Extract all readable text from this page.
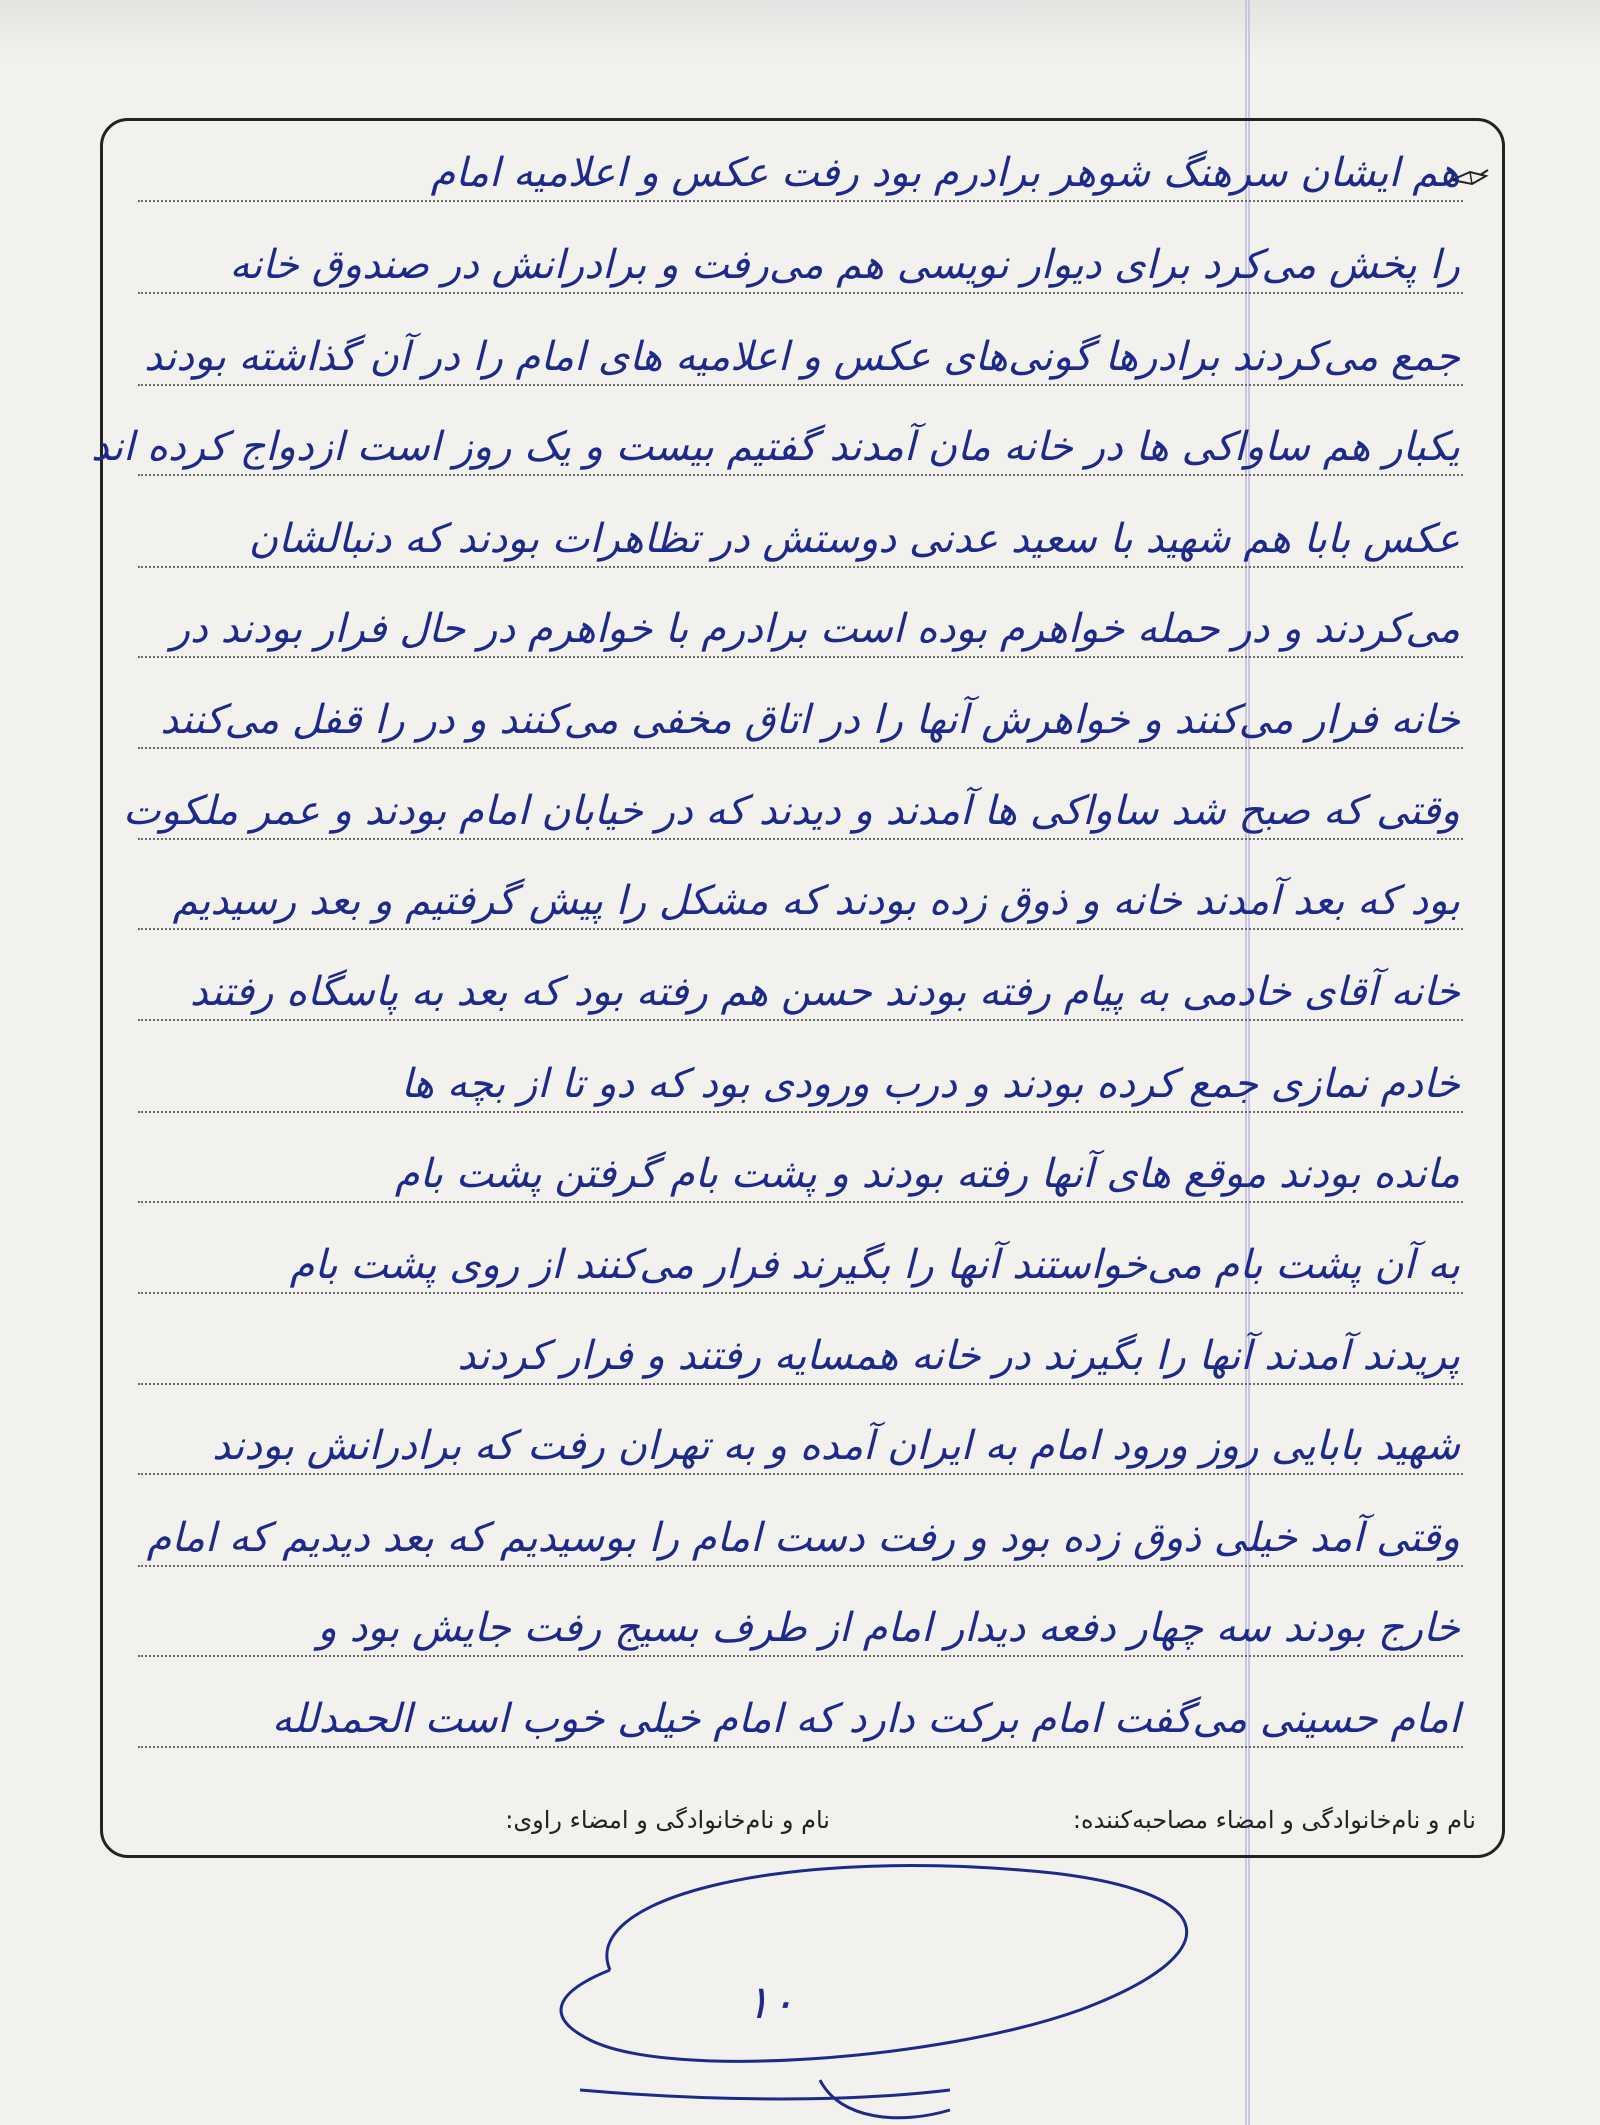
هم ایشان سرهنگ شوهر برادرم بود رفت عکس و اعلامیه امام
را پخش می‌کرد برای دیوار نویسی هم می‌رفت و برادرانش در صندوق خانه
جمع می‌کردند برادرها گونی‌های عکس و اعلامیه های امام را در آن گذاشته بودند
یکبار هم ساواکی ها در خانه مان آمدند گفتیم بیست و یک روز است ازدواج کرده اند
عکس بابا هم شهید با سعید عدنی دوستش در تظاهرات بودند که دنبالشان
می‌کردند و در حمله خواهرم بوده است برادرم با خواهرم در حال فرار بودند در
خانه فرار می‌کنند و خواهرش آنها را در اتاق مخفی می‌کنند و در را قفل می‌کنند
وقتی که صبح شد ساواکی ها آمدند و دیدند که در خیابان امام بودند و عمر ملکوت
بود که بعد آمدند خانه و ذوق زده بودند که مشکل را پیش گرفتیم و بعد رسیدیم
خانه آقای خادمی به پیام رفته بودند حسن هم رفته بود که بعد به پاسگاه رفتند
خادم نمازی جمع کرده بودند و درب ورودی بود که دو تا از بچه ها
مانده بودند موقع های آنها رفته بودند و پشت بام گرفتن پشت بام
به آن پشت بام می‌خواستند آنها را بگیرند فرار می‌کنند از روی پشت بام
پریدند آمدند آنها را بگیرند در خانه همسایه رفتند و فرار کردند
شهید بابایی روز ورود امام به ایران آمده و به تهران رفت که برادرانش بودند
وقتی آمد خیلی ذوق زده بود و رفت دست امام را بوسیدیم که بعد دیدیم که امام
خارج بودند سه چهار دفعه دیدار امام از طرف بسیج رفت جایش بود و
امام حسینی می‌گفت امام برکت دارد که امام خیلی خوب است الحمدلله
نام و نام‌خانوادگی و امضاء مصاحبه‌کننده:
نام و نام‌خانوادگی و امضاء راوی:
۱۰
